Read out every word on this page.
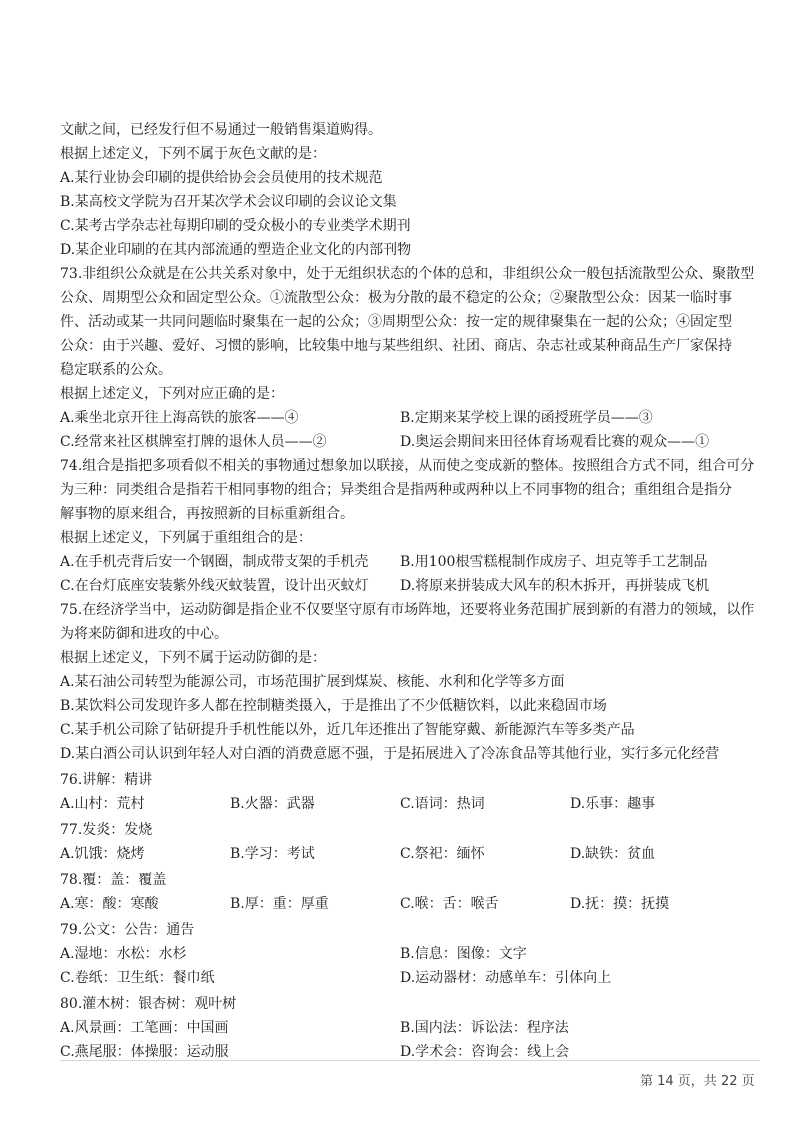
文献之间，已经发行但不易通过一般销售渠道购得。
根据上述定义，下列不属于灰色文献的是：
A.某行业协会印刷的提供给协会会员使用的技术规范
B.某高校文学院为召开某次学术会议印刷的会议论文集
C.某考古学杂志社每期印刷的受众极小的专业类学术期刊
D.某企业印刷的在其内部流通的塑造企业文化的内部刊物
73.非组织公众就是在公共关系对象中，处于无组织状态的个体的总和，非组织公众一般包括流散型公众、聚散型
公众、周期型公众和固定型公众。①流散型公众：极为分散的最不稳定的公众；②聚散型公众：因某一临时事
件、活动或某一共同问题临时聚集在一起的公众；③周期型公众：按一定的规律聚集在一起的公众；④固定型
公众：由于兴趣、爱好、习惯的影响，比较集中地与某些组织、社团、商店、杂志社或某种商品生产厂家保持
稳定联系的公众。
根据上述定义，下列对应正确的是：
A.乘坐北京开往上海高铁的旅客——④	B.定期来某学校上课的函授班学员——③
C.经常来社区棋牌室打牌的退休人员——②	D.奥运会期间来田径体育场观看比赛的观众——①
74.组合是指把多项看似不相关的事物通过想象加以联接，从而使之变成新的整体。按照组合方式不同，组合可分
为三种：同类组合是指若干相同事物的组合；异类组合是指两种或两种以上不同事物的组合；重组组合是指分
解事物的原来组合，再按照新的目标重新组合。
根据上述定义，下列属于重组组合的是：
A.在手机壳背后安一个钢圈，制成带支架的手机壳 B.用100根雪糕棍制作成房子、坦克等手工艺制品
C.在台灯底座安装紫外线灭蚊装置，设计出灭蚊灯 D.将原来拼装成大风车的积木拆开，再拼装成飞机
75.在经济学当中，运动防御是指企业不仅要坚守原有市场阵地，还要将业务范围扩展到新的有潜力的领域，以作
为将来防御和进攻的中心。
根据上述定义，下列不属于运动防御的是：
A.某石油公司转型为能源公司，市场范围扩展到煤炭、核能、水利和化学等多方面
B.某饮料公司发现许多人都在控制糖类摄入，于是推出了不少低糖饮料，以此来稳固市场
C.某手机公司除了钻研提升手机性能以外，近几年还推出了智能穿戴、新能源汽车等多类产品
D.某白酒公司认识到年轻人对白酒的消费意愿不强，于是拓展进入了冷冻食品等其他行业，实行多元化经营
76.讲解：精讲
A.山村：荒村	B.火器：武器	C.语词：热词	D.乐事：趣事
77.发炎：发烧
A.饥饿：烧烤	B.学习：考试	C.祭祀：缅怀	D.缺铁：贫血
78.覆：盖：覆盖
A.寒：酸：寒酸	B.厚：重：厚重	C.喉：舌：喉舌	D.抚：摸：抚摸
79.公文：公告：通告
A.湿地：水松：水杉	B.信息：图像：文字
C.卷纸：卫生纸：餐巾纸	D.运动器材：动感单车：引体向上
80.灌木树：银杏树：观叶树
A.风景画：工笔画：中国画	B.国内法：诉讼法：程序法
C.燕尾服：体操服：运动服	D.学术会：咨询会：线上会
第 14 页，共 22 页
